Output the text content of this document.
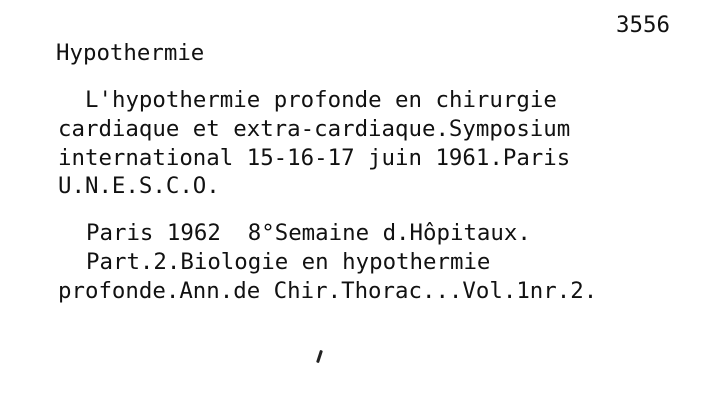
3556
Hypothermie
L'hypothermie profonde en chirurgie
cardiaque et extra-cardiaque.Symposium
international 15-16-17 juin 1961.Paris
U.N.E.S.C.O.
Paris 1962  8°Semaine d.Hôpitaux.
Part.2.Biologie en hypothermie
profonde.Ann.de Chir.Thorac...Vol.1nr.2.
